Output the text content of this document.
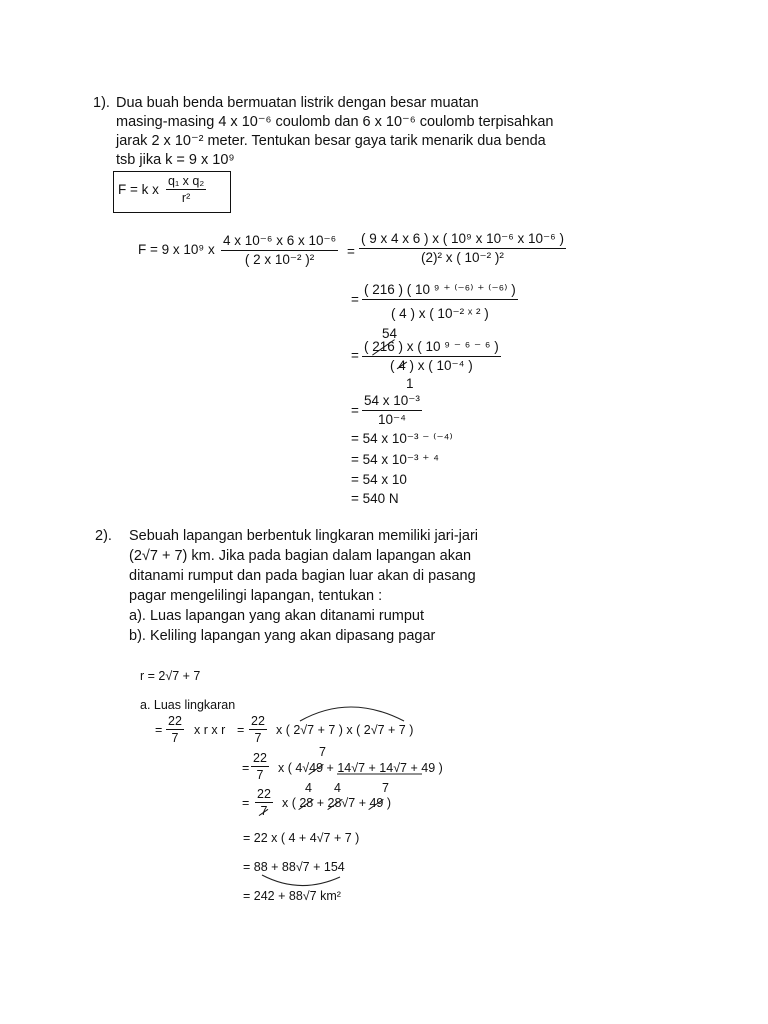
1). Dua buah benda bermuatan listrik dengan besar muatan
masing-masing 4 x 10⁻⁶ coulomb dan 6 x 10⁻⁶ coulomb terpisahkan
jarak 2 x 10⁻² meter. Tentukan besar gaya tarik menarik dua benda
tsb jika k = 9 x 10⁹
F = k x
q₁ x q₂
r²
F = 9 x 10⁹ x
4 x 10⁻⁶ x 6 x 10⁻⁶
( 2 x 10⁻² )²
=
( 9 x 4 x 6 ) x ( 10⁹ x 10⁻⁶ x 10⁻⁶ )
(2)² x ( 10⁻² )²
=
( 216 ) ( 10 ⁹ ⁺ ⁽⁻⁶⁾ ⁺ ⁽⁻⁶⁾ )
( 4 ) x ( 10⁻² ˣ ² )
54
=
( 216 ) x ( 10 ⁹ ⁻ ⁶ ⁻ ⁶ )
( 4 ) x ( 10⁻⁴ )
1
=
54 x 10⁻³
10⁻⁴
= 54 x 10⁻³ ⁻ ⁽⁻⁴⁾
= 54 x 10⁻³ ⁺ ⁴
= 54 x 10
= 540 N
2). Sebuah lapangan berbentuk lingkaran memiliki jari-jari
(2√7 + 7) km. Jika pada bagian dalam lapangan akan
ditanami rumput dan pada bagian luar akan di pasang
pagar mengelilingi lapangan, tentukan :
a). Luas lapangan yang akan ditanami rumput
b). Keliling lapangan yang akan dipasang pagar
r = 2√7 + 7
a. Luas lingkaran
=
22
7
x r x r =
22
7
x ( 2√7 + 7 ) x ( 2√7 + 7 )
7
=
22
7
x ( 4√49 + 14√7 + 14√7 + 49 )
4 4	7
=
22
7
x ( 28 + 28√7 + 49 )
= 22 x ( 4 + 4√7 + 7 )
= 88 + 88√7 + 154
= 242 + 88√7 km²
